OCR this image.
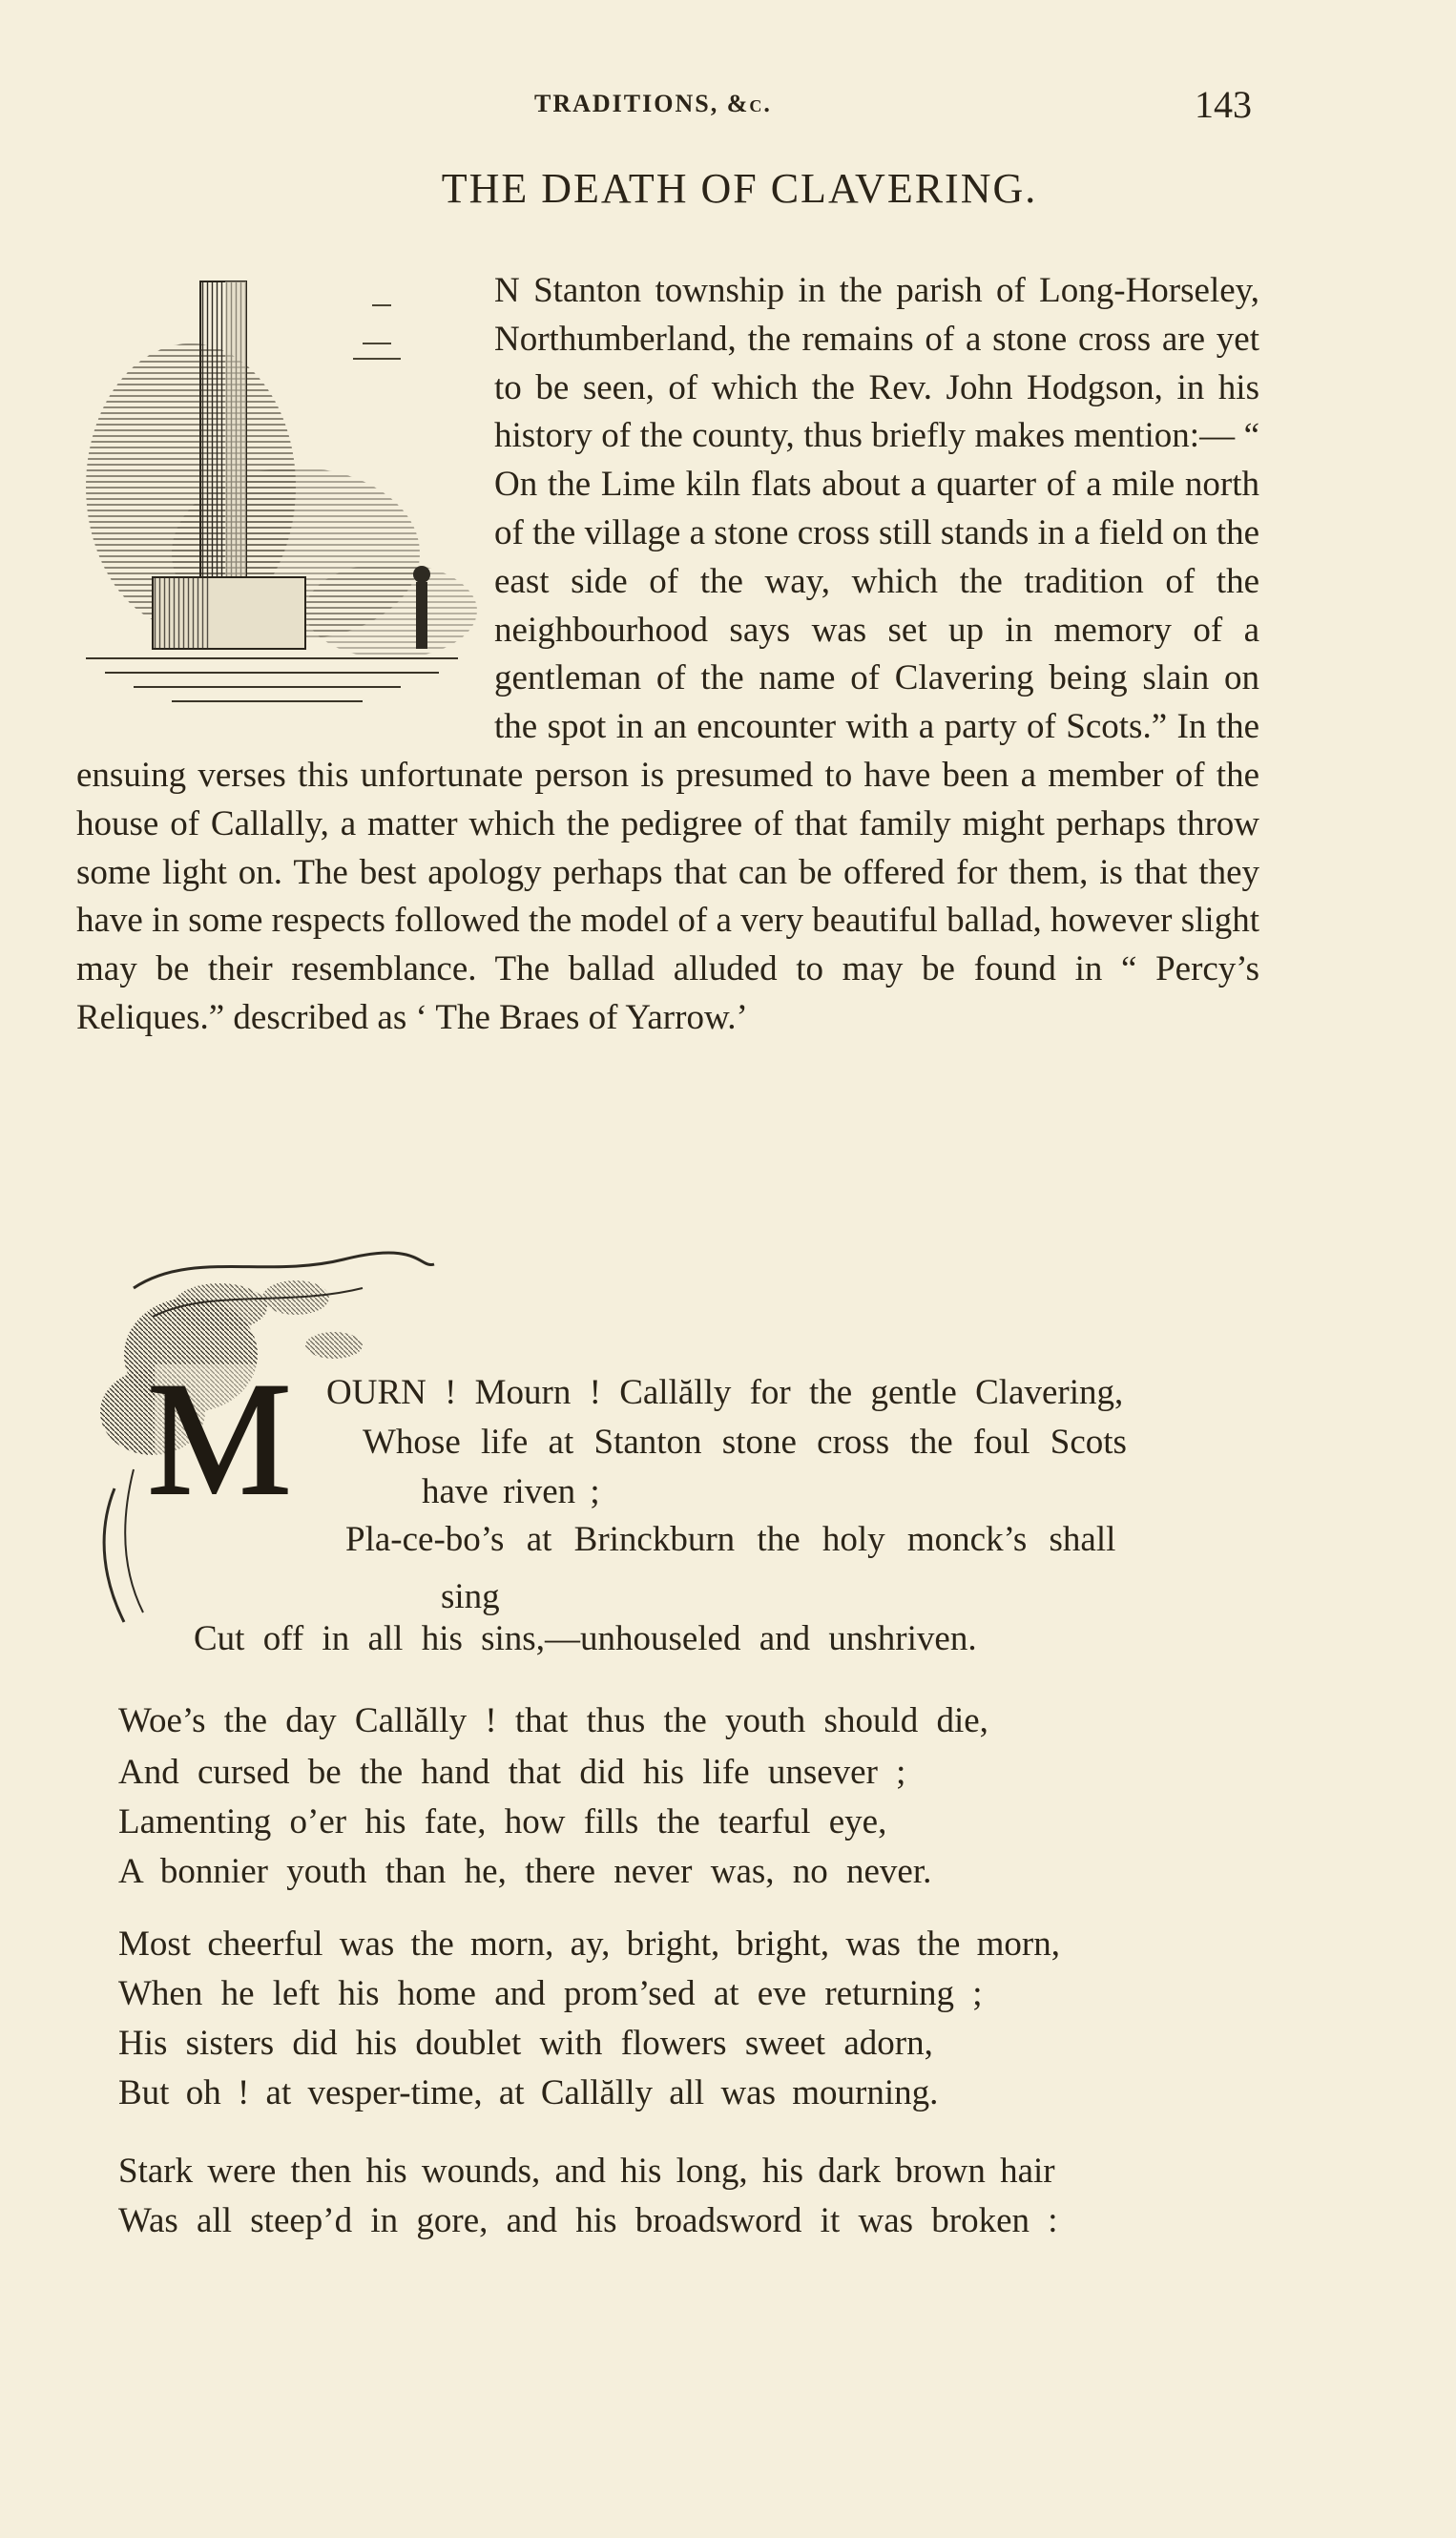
TRADITIONS, &c.	143
THE DEATH OF CLAVERING.

N Stanton township in the parish of Long-Horseley, Northumberland, the remains of a stone cross are yet to be seen, of which the Rev. John Hodgson, in his history of the county, thus briefly makes mention:— “ On the Lime kiln flats about a quarter of a mile north of the village a stone cross still stands in a field on the east side of the way, which the tradition of the neighbourhood says was set up in memory of a gentleman of the name of Clavering being slain on the spot in an encounter with a party of Scots.” In the ensuing verses this unfortunate person is presumed to have been a member of the house of Callally, a matter which the pedigree of that family might perhaps throw some light on. The best apology perhaps that can be offered for them, is that they have in some respects followed the model of a very beautiful ballad, however slight may be their resemblance. The ballad alluded to may be found in “ Percy’s Reliques.” described as ‘ The Braes of Yarrow.’

M OURN ! Mourn ! Callălly for the gentle Clavering,
Whose life at Stanton stone cross the foul Scots
have riven ;
Pla-ce-bo’s at Brinckburn the holy monck’s shall
sing
Cut off in all his sins,—unhouseled and unshriven.
Woe’s the day Callălly ! that thus the youth should die,
And cursed be the hand that did his life unsever ;
Lamenting o’er his fate, how fills the tearful eye,
A bonnier youth than he, there never was, no never.
Most cheerful was the morn, ay, bright, bright, was the morn,
When he left his home and prom’sed at eve returning ;
His sisters did his doublet with flowers sweet adorn,
But oh ! at vesper-time, at Callălly all was mourning.
Stark were then his wounds, and his long, his dark brown hair
Was all steep’d in gore, and his broadsword it was broken :
